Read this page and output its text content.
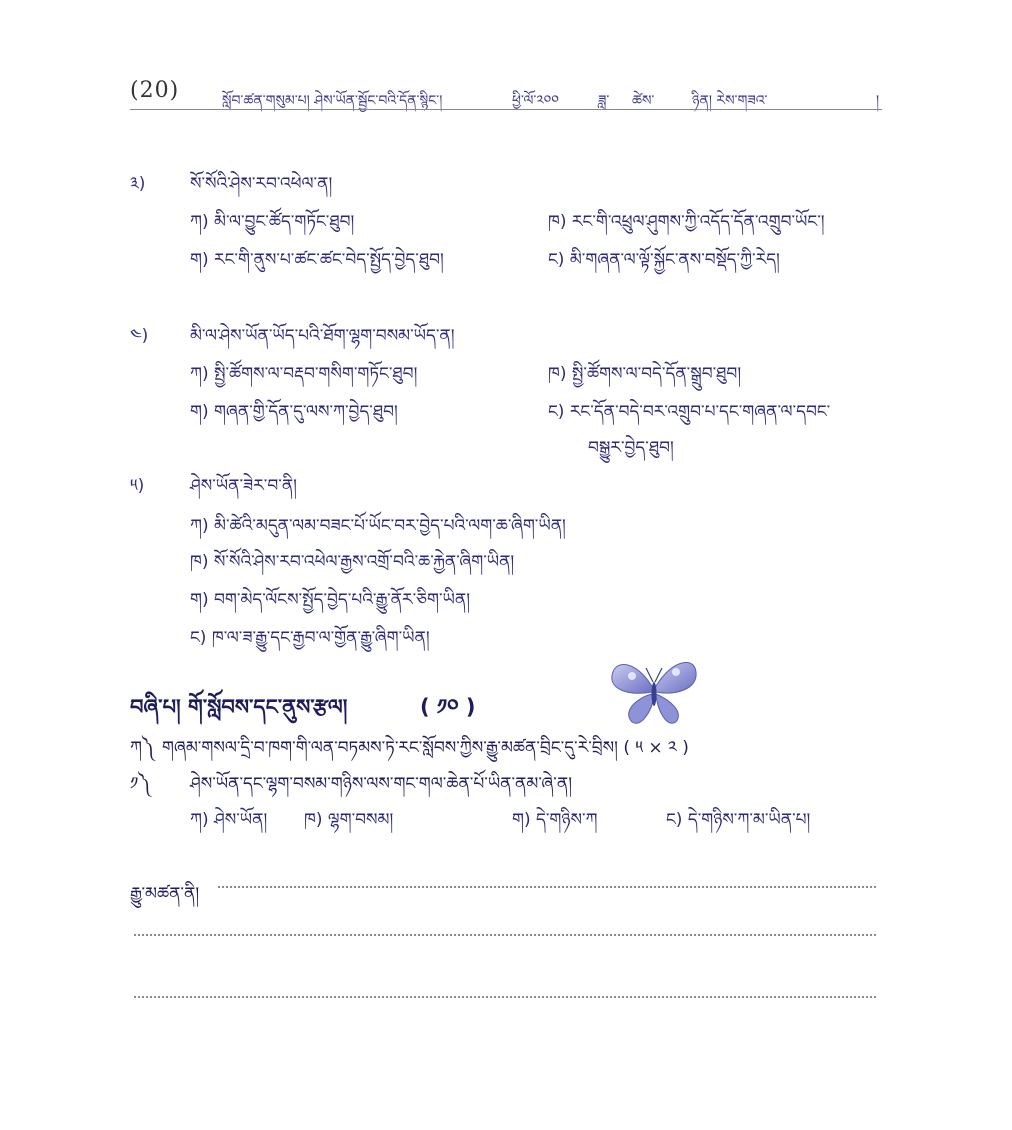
(20)	སློབ་ཚན་གསུམ་པ། ཤེས་ཡོན་སྦྱོང་བའི་དོན་སྙིང་།	ཕྱི་ལོ་༢༠༠	ཟླ་ ཚེས་	ཉིན། རེས་གཟའ་	།
༣)	སོ་སོའི་ཤེས་རབ་འཕེལ་ན།
ཀ) མི་ལ་བྱུང་ཚོད་གཏོང་ཐུབ།	ཁ) རང་གི་འཕྲུལ་ཤུགས་ཀྱི་འདོད་དོན་འགྲུབ་ཡོང་།
ག) རང་གི་ནུས་པ་ཚང་ཚང་བེད་སྤྱོད་བྱེད་ཐུབ།	ང) མི་གཞན་ལ་ལྟོ་སྐྱོང་ནས་བསྡོད་ཀྱི་རེད།
༤) མི་ལ་ཤེས་ཡོན་ཡོད་པའི་ཐོག་ལྷག་བསམ་ཡོད་ན།
ཀ) སྤྱི་ཚོགས་ལ་བརྡབ་གསིག་གཏོང་ཐུབ།	ཁ) སྤྱི་ཚོགས་ལ་བདེ་དོན་སྒྲུབ་ཐུབ།
ག) གཞན་གྱི་དོན་དུ་ལས་ཀ་བྱེད་ཐུབ།	ང) རང་དོན་བདེ་བར་འགྲུབ་པ་དང་གཞན་ལ་དབང་
བསྒྱུར་བྱེད་ཐུབ།
༥)	ཤེས་ཡོན་ཟེར་བ་ནི།
ཀ) མི་ཚེའི་མདུན་ལམ་བཟང་པོ་ཡོང་བར་བྱེད་པའི་ལག་ཆ་ཞིག་ཡིན།
ཁ) སོ་སོའི་ཤེས་རབ་འཕེལ་རྒྱས་འགྲོ་བའི་ཆ་རྐྱེན་ཞིག་ཡིན།
ག) བག་མེད་ལོངས་སྤྱོད་བྱེད་པའི་རྒྱུ་ནོར་ཅིག་ཡིན།
ང) ཁ་ལ་ཟ་རྒྱུ་དང་རྒྱབ་ལ་གྱོན་རྒྱུ་ཞིག་ཡིན།
བཞི་པ། གོ་སློབས་དང་ནུས་རྩལ།	( ༡༠ )
ཀ༽ གཞམ་གསལ་དྲི་བ་ཁག་གི་ལན་བཏམས་ཏེ་རང་སློབས་ཀྱིས་རྒྱུ་མཚན་བྲིང་དུ་རེ་བྲིས། ( ༥ × ༢ )
༡༽ ཤེས་ཡོན་དང་ལྷག་བསམ་གཉིས་ལས་གང་གལ་ཆེན་པོ་ཡིན་ནམ་ཞེ་ན།
ཀ) ཤེས་ཡོན། ཁ) ལྷག་བསམ།	ག) དེ་གཉིས་ཀ	ང) དེ་གཉིས་ཀ་མ་ཡིན་པ།
རྒྱུ་མཚན་ནི།
